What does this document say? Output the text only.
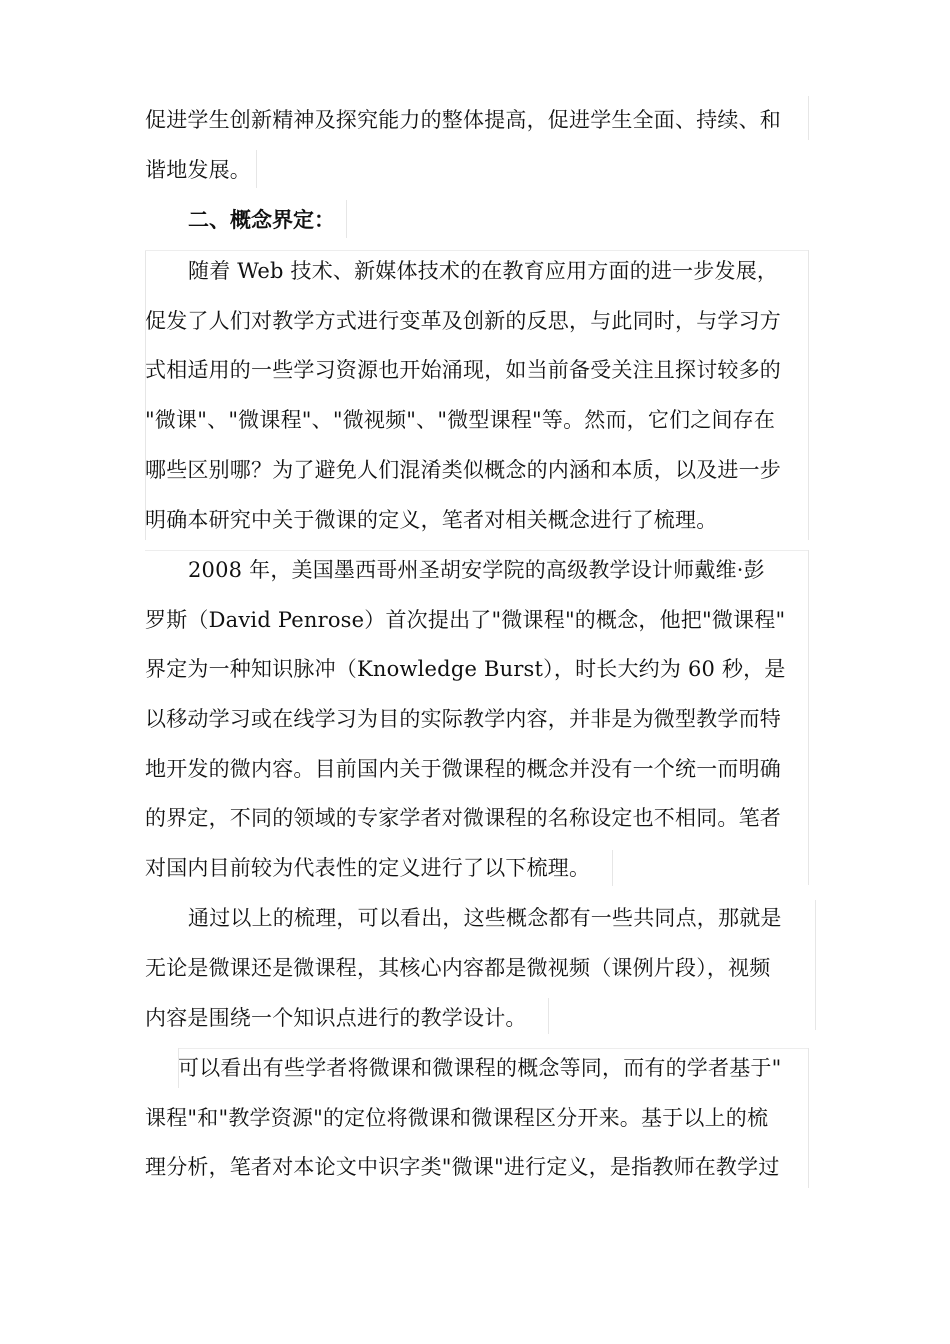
促进学生创新精神及探究能力的整体提高，促进学生全面、持续、和
谐地发展。
二、概念界定：
随着 Web 技术、新媒体技术的在教育应用方面的进一步发展，
促发了人们对教学方式进行变革及创新的反思，与此同时，与学习方
式相适用的一些学习资源也开始涌现，如当前备受关注且探讨较多的
"微课"、"微课程"、"微视频"、"微型课程"等。然而，它们之间存在
哪些区别哪？为了避免人们混淆类似概念的内涵和本质，以及进一步
明确本研究中关于微课的定义，笔者对相关概念进行了梳理。
2008 年，美国墨西哥州圣胡安学院的高级教学设计师戴维·彭
罗斯（David Penrose）首次提出了"微课程"的概念，他把"微课程"
界定为一种知识脉冲（Knowledge Burst），时长大约为 60 秒，是
以移动学习或在线学习为目的实际教学内容，并非是为微型教学而特
地开发的微内容。目前国内关于微课程的概念并没有一个统一而明确
的界定，不同的领域的专家学者对微课程的名称设定也不相同。笔者
对国内目前较为代表性的定义进行了以下梳理。
通过以上的梳理，可以看出，这些概念都有一些共同点，那就是
无论是微课还是微课程，其核心内容都是微视频（课例片段），视频
内容是围绕一个知识点进行的教学设计。
可以看出有些学者将微课和微课程的概念等同，而有的学者基于"
课程"和"教学资源"的定位将微课和微课程区分开来。基于以上的梳
理分析，笔者对本论文中识字类"微课"进行定义，是指教师在教学过
